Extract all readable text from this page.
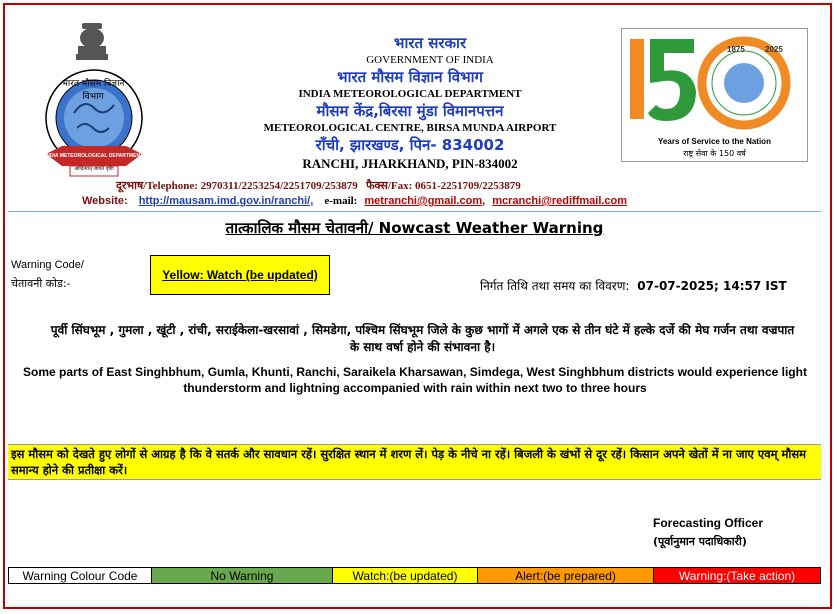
भारत मौसम विज्ञान विभाग
INDIA METEOROLOGICAL DEPARTMENT
आदित्यात् जायते वृष्टिः
भारत सरकार
GOVERNMENT OF INDIA
भारत मौसम विज्ञान विभाग
INDIA METEOROLOGICAL DEPARTMENT
मौसम केंद्र,बिरसा मुंडा विमानपत्तन
METEOROLOGICAL CENTRE, BIRSA MUNDA AIRPORT
राँची, झारखण्ड, पिन- 834002
RANCHI, JHARKHAND, PIN-834002
दूरभाष/Telephone: 2970311/2253254/2251709/253879   फैक्स/Fax: 0651-2251709/2253879
Website: http://mausam.imd.gov.in/ranchi/, e-mail: metranchi@gmail.com, mcranchi@rediffmail.com
1875	2025
Years of Service to the Nation
राष्ट्र सेवा के 150 वर्ष
तात्कालिक मौसम चेतावनी/ Nowcast Weather Warning
Warning Code/
चेतावनी कोड:-
Yellow: Watch (be updated)
निर्गत तिथि तथा समय का विवरण: 07-07-2025; 14:57 IST
पूर्वी सिंघभूम , गुमला , खूंटी , रांची, सराईकेला-खरसावां , सिमडेगा, पश्चिम सिंघभूम जिले के कुछ भागों में अगले एक से तीन घंटे में हल्के दर्जे की मेघ गर्जन तथा वज्रपात के साथ वर्षा होने की संभावना है।
Some parts of East Singhbhum, Gumla, Khunti, Ranchi, Saraikela Kharsawan, Simdega, West Singhbhum districts would experience light thunderstorm and lightning accompanied with rain within next two to three hours
इस मौसम को देखते हुए लोगों से आग्रह है कि वे सतर्क और सावधान रहें। सुरक्षित स्थान में शरण लें। पेड़ के नीचे ना रहें। बिजली के खंभों से दूर रहें। किसान अपने खेतों में ना जाए एवम् मौसम समान्य होने की प्रतीक्षा करें।
Forecasting Officer
(पूर्वानुमान पदाधिकारी)
Warning Colour Code	No Warning	Watch:(be updated)	Alert:(be prepared)	Warning:(Take action)
